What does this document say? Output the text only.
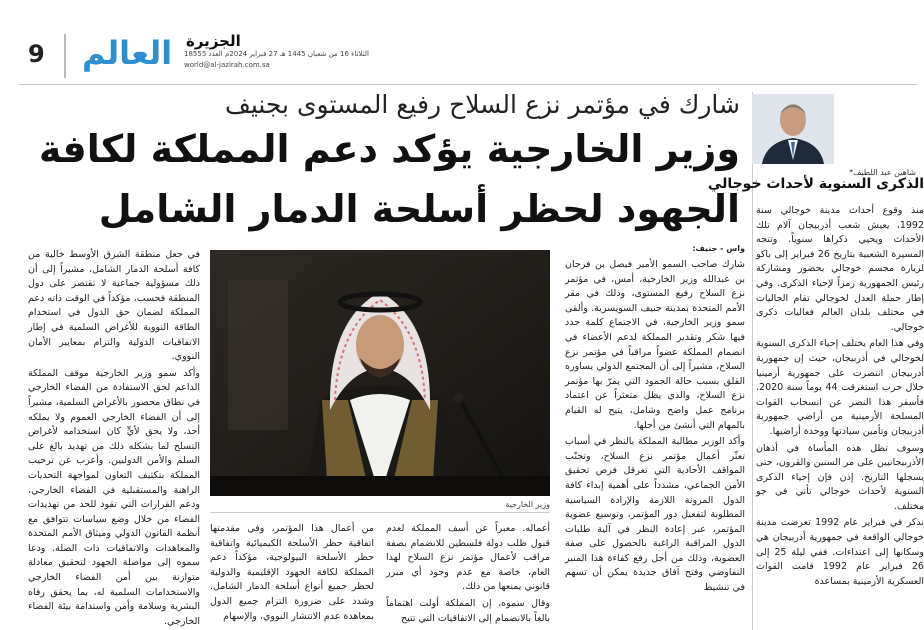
9 العالم الجزيرة
الثلاثاء 16 من شعبان 1445 هـ 27 فبراير 2024م العدد 18555
world@al-jazirah.com.sa
شارك في مؤتمر نزع السلاح رفيع المستوى بجنيف
وزير الخارجية يؤكد دعم المملكة لكافة
الجهود لحظر أسلحة الدمار الشامل
واس - جنيف:

شارك صاحب السمو الأمير فيصل بن فرحان بن عبدالله وزير الخارجية، أمس، في مؤتمر نزع السلاح رفيع المستوى، وذلك في مقر الأمم المتحدة بمدينة جنيف السويسرية. وألقى سمو وزير الخارجية، في الاجتماع كلمة جدد فيها شكر وتقدير المملكة لدعم الأعضاء في انضمام المملكة عضواً مراقباً في مؤتمر نزع السلاح، مشيراً إلى أن المجتمع الدولي يساوره القلق بسبب حالة الجمود التي يمرّ بها مؤتمر نزع السلاح، والذي يظل متعثراً عن اعتماد برنامج عمل واضح وشامل، يتيح له القيام بالمهام التي أنشئ من أجلها.

وأكد الوزير مطالبة المملكة بالنظر في أسباب تعثّر أعمال مؤتمر نزع السلاح، وتجنّب المواقف الأحادية التي تعرقل فرص تحقيق الأمن الجماعي، مشدداً على أهمية إبداء كافة الدول المرونة اللازمة والإرادة السياسية المطلوبة لتفعيل دور المؤتمر، وتوسيع عضوية المؤتمر، عبر إعادة النظر في آلية طلبات الدول المراقبة الراغبة بالحصول على صفة العضوية، وذلك من أجل رفع كفاءة هذا المنبر التفاوضي وفتح آفاق جديدة يمكن أن تسهم في تنشيط

وزير الخارجية

أعماله. معبراً عن أسف المملكة لعدم قبول طلب دولة فلسطين للانضمام بصفة مراقب لأعمال مؤتمر نزع السلاح لهذا العام، خاصة مع عدم وجود أي مبرر قانوني يمنعها من ذلك.

وقال سموه، إن المملكة أولت اهتماماً بالغاً بالانضمام إلى الاتفاقيات التي تتيح

من أعمال هذا المؤتمر، وفي مقدمتها اتفاقية حظر الأسلحة الكيميائية واتفاقية حظر الأسلحة البيولوجية، مؤكداً دعم المملكة لكافة الجهود الإقليمية والدولية لحظر جميع أنواع أسلحة الدمار الشامل. وشدد على ضرورة التزام جميع الدول بمعاهدة عدم الانتشار النووي، والإسهام

في جعل منطقة الشرق الأوسط خالية من كافة أسلحة الدمار الشامل، مشيراً إلى أن ذلك مسؤولية جماعية لا تقتصر على دول المنطقة فحسب، مؤكداً في الوقت ذاته دعم المملكة لضمان حق الدول في استخدام الطاقة النووية للأغراض السلمية في إطار الاتفاقيات الدولية والتزام بمعايير الأمان النووي.

وأكد سمو وزير الخارجية موقف المملكة الداعم لحق الاستفادة من الفضاء الخارجي في نطاق محصور بالأغراض السلمية، مشيراً إلى أن الفضاء الخارجي العموم ولا يملكه أحد، ولا يحق لأيٍّ كان استخدامه لأغراض التسلح لما يشكله ذلك من تهديد بالغ على السلم والأمن الدوليين. وأعرب عن ترحيب المملكة بتكثيف التعاون لمواجهة التحديات الراهنة والمستقبلية في الفضاء الخارجي، ودعم القرارات التي تقود للحد من تهديدات الفضاء من خلال وضع سياسات تتوافق مع أنظمة القانون الدولي وميثاق الأمم المتحدة والمعاهدات والاتفاقيات ذات الصلة. ودعا سموه إلى مواصلة الجهود لتحقيق معادلة متوازنة بين أمن الفضاء الخارجي والاستخدامات السلمية له، بما يحقق رفاه البشرية وسلامة وأمن واستدامة بيئة الفضاء الخارجي.

شاهين عبد اللطيف*
الذكرى السنوية لأحداث خوجالي

منذ وقوع أحداث مدينة خوجالي سنة 1992، يعيش شعب أذربيجان آلام تلك الأحداث ويحيي ذكراها سنوياً. وتتجه المسيرة الشعبية بتاريخ 26 فبراير إلى باكو لزيارة مجسم خوجالي بحضور ومشاركة رئيس الجمهورية رمزاً لإحياء الذكرى. وفي إطار حملة العدل لخوجالي تقام الجاليات في مختلف بلدان العالم فعاليات ذكرى خوجالي.

وفي هذا العام يختلف إحياء الذكرى السنوية لخوجالي في أذربيجان، حيث إن جمهورية أذربيجان انتصرت على جمهورية أرمينيا خلال حرب استغرقت 44 يوماً سنة 2020. فأسفر هذا النصر عن انسحاب القوات المسلحة الأرمينية من أراضي جمهورية أذربيجان وتأمين سيادتها ووحدة أراضيها.

وسوف تظل هذه المأساة في أذهان الأذربيجانيين على مر السنين والقرون، حتى يسجلها التاريخ. إذن فإن إحياء الذكرى السنوية لأحداث خوجالي تأتي في جو مختلف.

نذكر في فبراير عام 1992 تعرضت مدينة خوجالي الواقعة في جمهورية أذربيجان هي وسكانها إلى اعتداءات. ففي ليلة 25 إلى 26 فبراير عام 1992 قامت القوات العسكرية الأرمينية بمساعدة
